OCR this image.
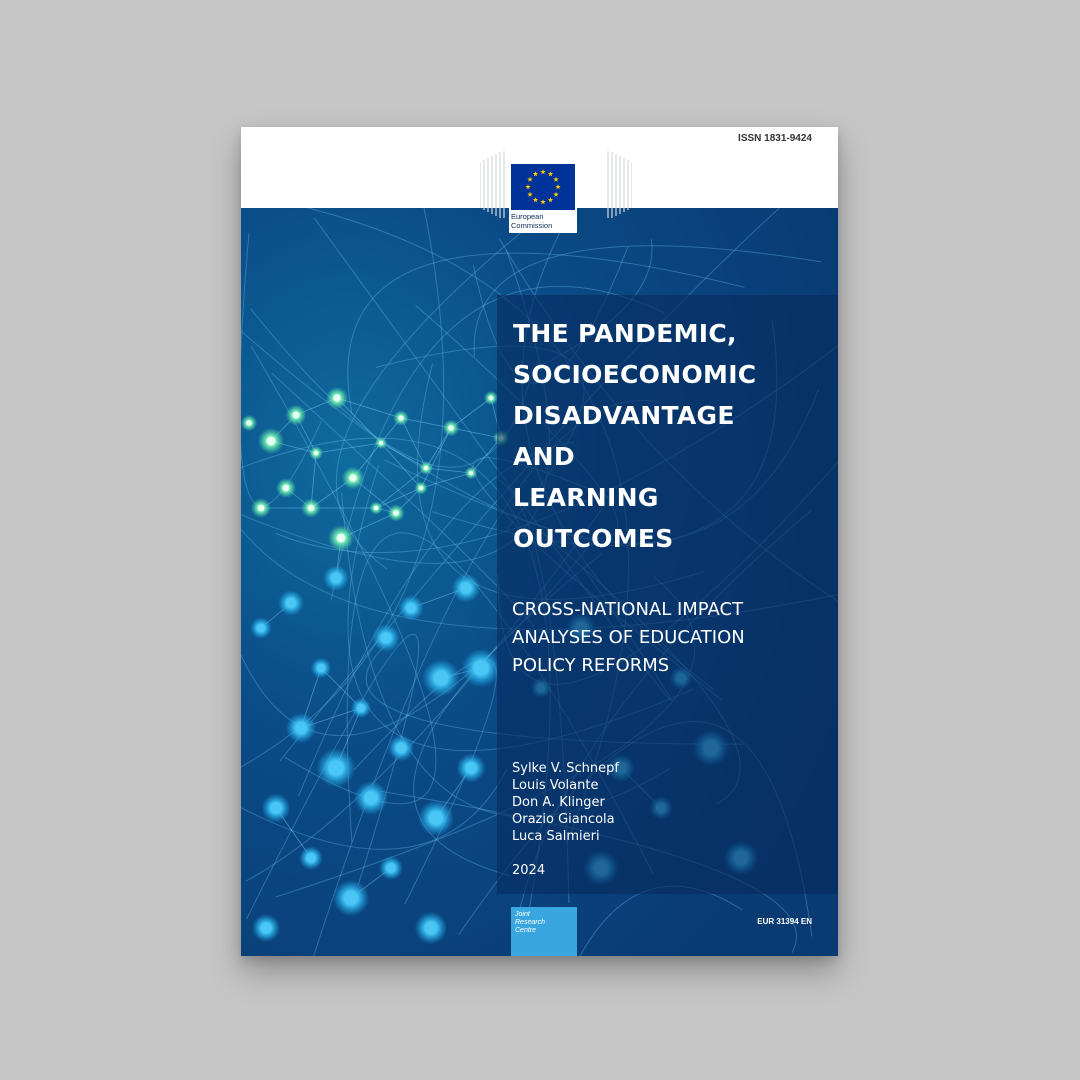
ISSN 1831-9424
European
Commission
THE PANDEMIC,
SOCIOECONOMIC
DISADVANTAGE
AND
LEARNING
OUTCOMES
CROSS-NATIONAL IMPACT
ANALYSES OF EDUCATION
POLICY REFORMS
Sylke V. Schnepf
Louis Volante
Don A. Klinger
Orazio Giancola
Luca Salmieri
2024
Joint
Research
Centre
EUR 31394 EN
